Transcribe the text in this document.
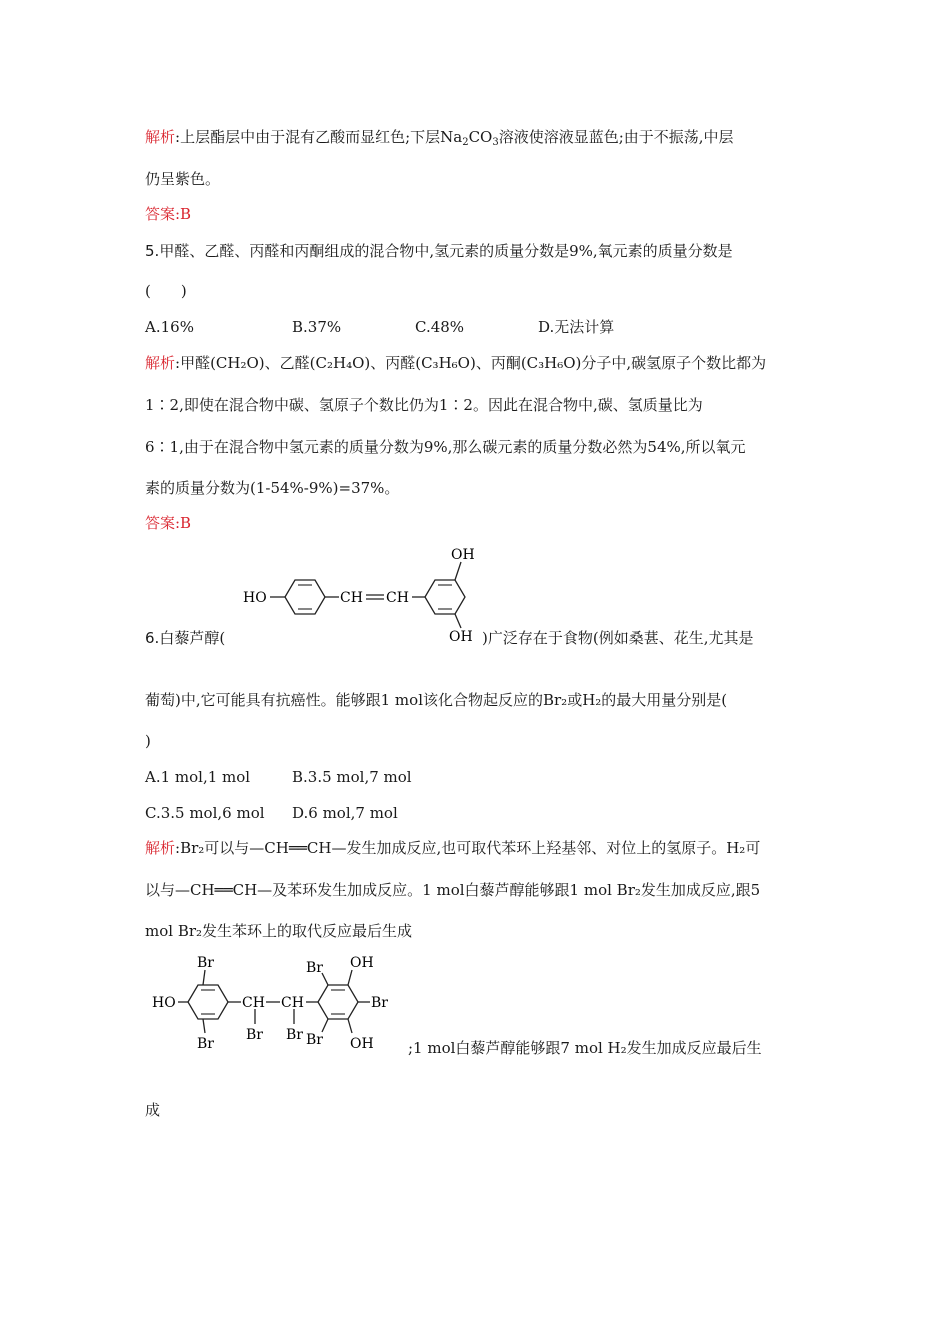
解析:上层酯层中由于混有乙酸而显红色;下层$Na_2CO_3$溶液使溶液显蓝色;由于不振荡,中层
仍呈紫色。
答案:B
5.甲醛、乙醛、丙醛和丙酮组成的混合物中,氢元素的质量分数是9%,氧元素的质量分数是
(　　)
A.16%	B.37%	C.48%	D.无法计算
解析:甲醛(CH₂O)、乙醛(C₂H₄O)、丙醛(C₃H₆O)、丙酮(C₃H₆O)分子中,碳氢原子个数比都为
1∶2,即使在混合物中碳、氢原子个数比仍为1∶2。因此在混合物中,碳、氢质量比为
6∶1,由于在混合物中氢元素的质量分数为9%,那么碳元素的质量分数必然为54%,所以氧元
素的质量分数为(1-54%-9%)=37%。
答案:B
HO	CH CH
OH
OH
6.白藜芦醇(	)广泛存在于食物(例如桑葚、花生,尤其是
葡萄)中,它可能具有抗癌性。能够跟1 mol该化合物起反应的Br₂或H₂的最大用量分别是(
)
A.1 mol,1 mol	B.3.5 mol,7 mol
C.3.5 mol,6 mol D.6 mol,7 mol
解析:Br₂可以与—CH══CH—发生加成反应,也可取代苯环上羟基邻、对位上的氢原子。H₂可
以与—CH══CH—及苯环发生加成反应。1 mol白藜芦醇能够跟1 mol Br₂发生加成反应,跟5
mol Br₂发生苯环上的取代反应最后生成
HO
Br
Br
CH CH
Br Br
Br OH
Br
Br OH ;1 mol白藜芦醇能够跟7 mol H₂发生加成反应最后生
成
